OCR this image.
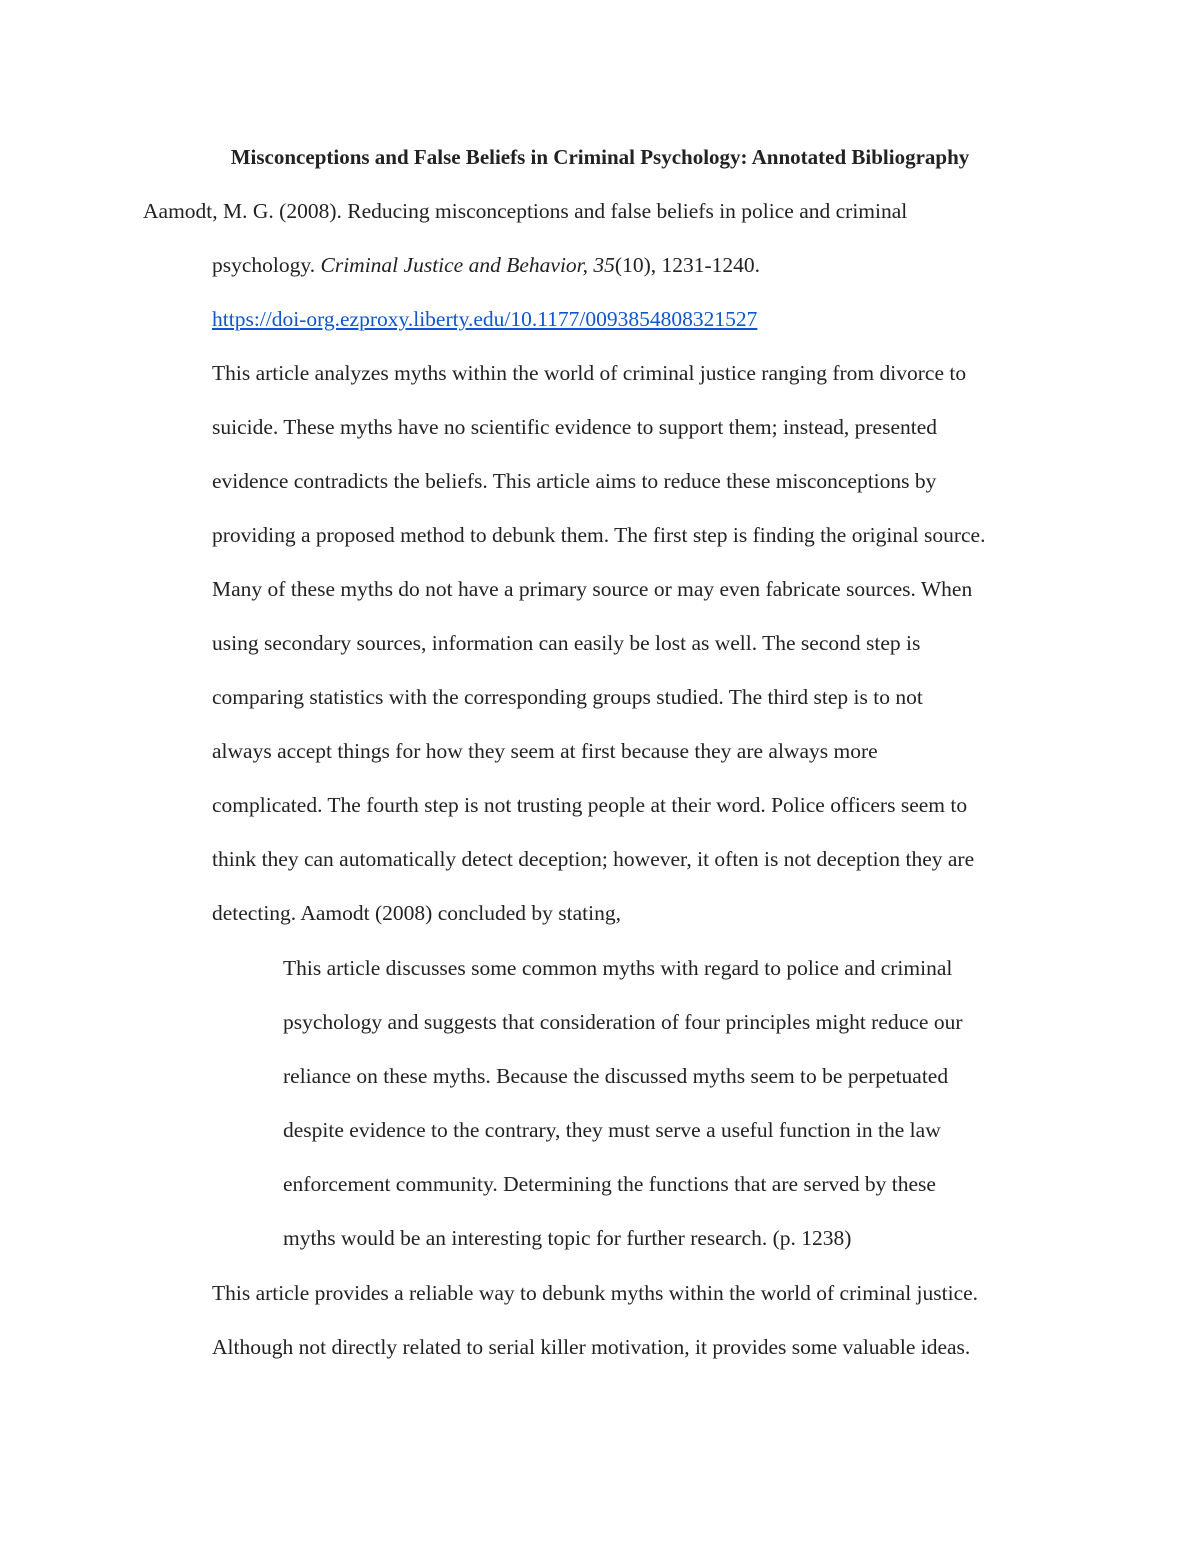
Misconceptions and False Beliefs in Criminal Psychology: Annotated Bibliography

Aamodt, M. G. (2008). Reducing misconceptions and false beliefs in police and criminal

psychology. Criminal Justice and Behavior, 35(10), 1231-1240.

https://doi-org.ezproxy.liberty.edu/10.1177/0093854808321527

This article analyzes myths within the world of criminal justice ranging from divorce to

suicide. These myths have no scientific evidence to support them; instead, presented

evidence contradicts the beliefs. This article aims to reduce these misconceptions by

providing a proposed method to debunk them. The first step is finding the original source.

Many of these myths do not have a primary source or may even fabricate sources. When

using secondary sources, information can easily be lost as well. The second step is

comparing statistics with the corresponding groups studied. The third step is to not

always accept things for how they seem at first because they are always more

complicated. The fourth step is not trusting people at their word. Police officers seem to

think they can automatically detect deception; however, it often is not deception they are

detecting. Aamodt (2008) concluded by stating,

This article discusses some common myths with regard to police and criminal

psychology and suggests that consideration of four principles might reduce our

reliance on these myths. Because the discussed myths seem to be perpetuated

despite evidence to the contrary, they must serve a useful function in the law

enforcement community. Determining the functions that are served by these

myths would be an interesting topic for further research. (p. 1238)

This article provides a reliable way to debunk myths within the world of criminal justice.

Although not directly related to serial killer motivation, it provides some valuable ideas.
